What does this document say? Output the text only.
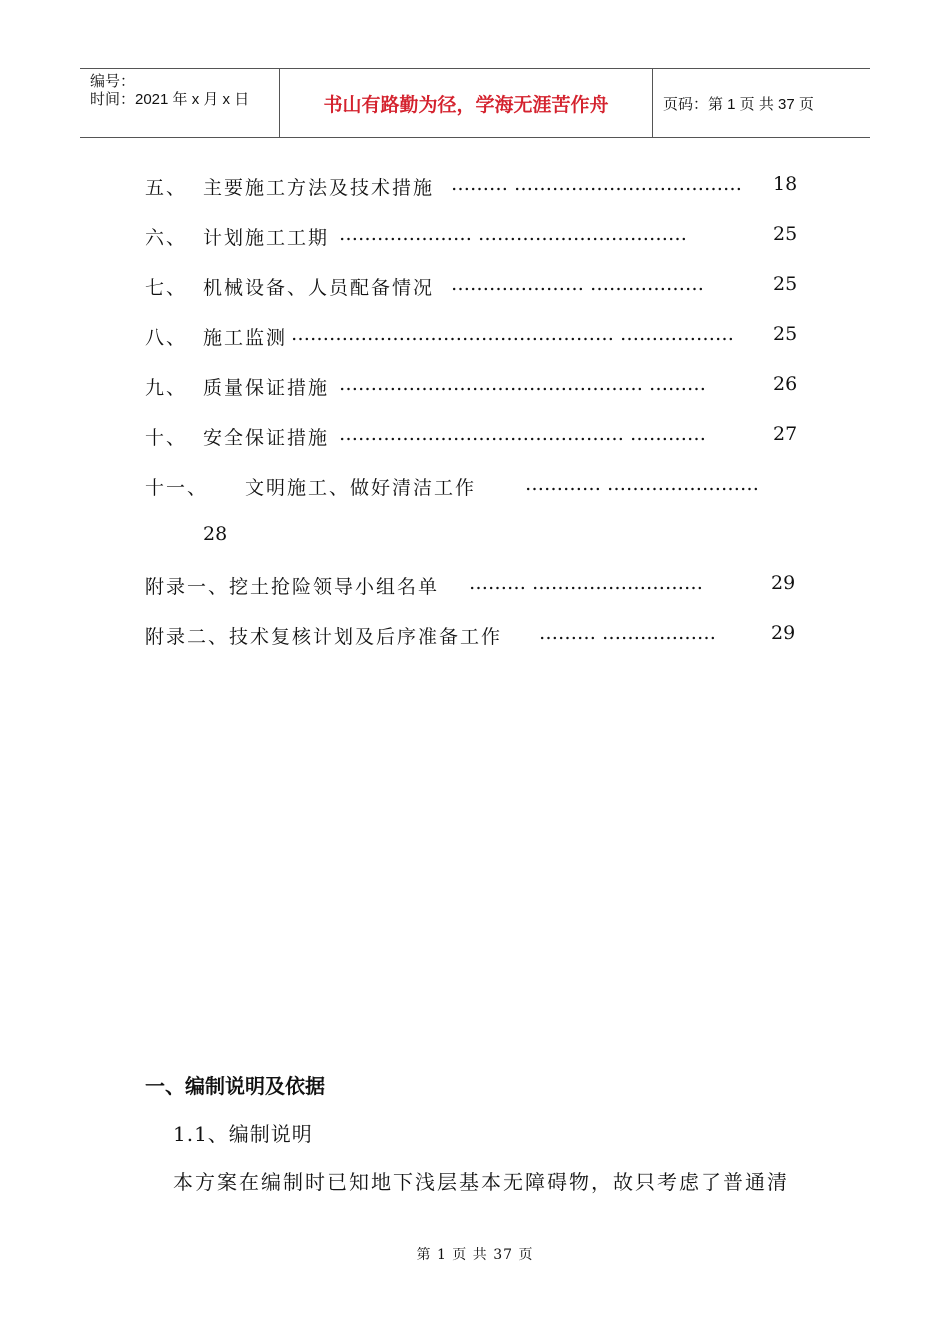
编号：
时间：2021 年 x 月 x 日	书山有路勤为径，学海无涯苦作舟	页码：第 1 页 共 37 页
五、 主要施工方法及技术措施 ……… ……………………………… 18
六、 计划施工工期 ………………… ……………………………	25
七、 机械设备、人员配备情况 ………………… ………………	25
八、 施工监测 …………………………………………… ……………… 25
九、 质量保证措施 ………………………………………… ………	26
十、 安全保证措施 ……………………………………… …………	27
十一、 文明施工、做好清洁工作	………… ……………………
28
附录一、挖土抢险领导小组名单 ……… ………………………	29
附录二、技术复核计划及后序准备工作 ……… ………………	29
一、编制说明及依据
1.1、编制说明
本方案在编制时已知地下浅层基本无障碍物，故只考虑了普通清
第 1 页 共 37 页
